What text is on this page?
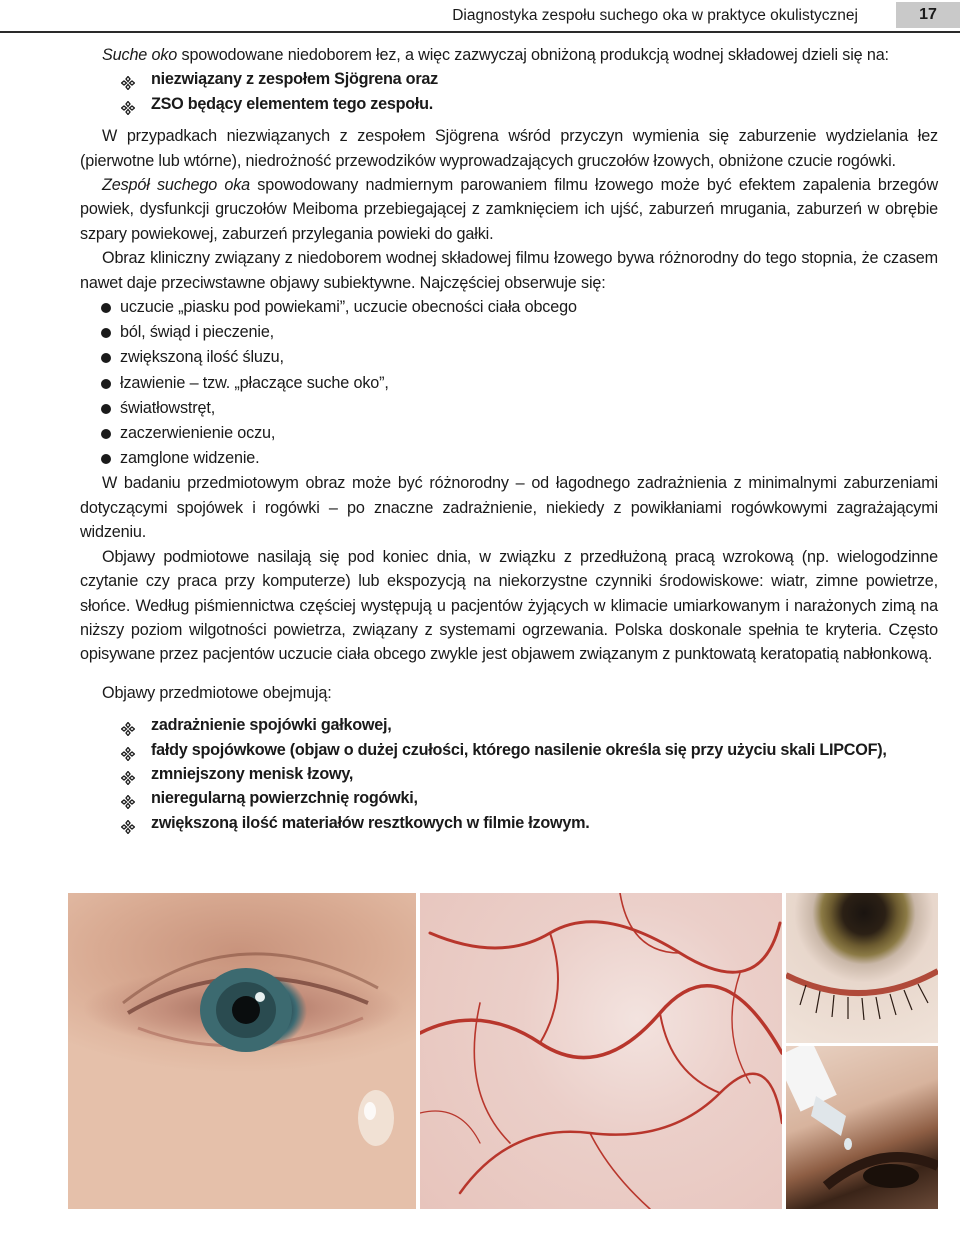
Diagnostyka zespołu suchego oka w praktyce okulistycznej	17

Suche oko spowodowane niedoborem łez, a więc zazwyczaj obniżoną produkcją wodnej składowej dzieli się na:

niezwiązany z zespołem Sjögrena oraz
ZSO będący elementem tego zespołu.

W przypadkach niezwiązanych z zespołem Sjögrena wśród przyczyn wymienia się zaburzenie wydzielania łez (pierwotne lub wtórne), niedrożność przewodzików wyprowadzających gruczołów łzowych, obniżone czucie rogówki.

Zespół suchego oka spowodowany nadmiernym parowaniem filmu łzowego może być efektem zapalenia brzegów powiek, dysfunkcji gruczołów Meiboma przebiegającej z zamknięciem ich ujść, zaburzeń mrugania, zaburzeń w obrębie szpary powiekowej, zaburzeń przylegania powieki do gałki.

Obraz kliniczny związany z niedoborem wodnej składowej filmu łzowego bywa różnorodny do tego stopnia, że czasem nawet daje przeciwstawne objawy subiektywne. Najczęściej obserwuje się:

uczucie „piasku pod powiekami”, uczucie obecności ciała obcego
ból, świąd i pieczenie,
zwiększoną ilość śluzu,
łzawienie – tzw. „płaczące suche oko”,
światłowstręt,
zaczerwienienie oczu,
zamglone widzenie.

W badaniu przedmiotowym obraz może być różnorodny – od łagodnego zadrażnienia z minimalnymi zaburzeniami dotyczącymi spojówek i rogówki – po znaczne zadrażnienie, niekiedy z powikłaniami rogówkowymi zagrażającymi widzeniu.

Objawy podmiotowe nasilają się pod koniec dnia, w związku z przedłużoną pracą wzrokową (np. wielogodzinne czytanie czy praca przy komputerze) lub ekspozycją na niekorzystne czynniki środowiskowe: wiatr, zimne powietrze, słońce. Według piśmiennictwa częściej występują u pacjentów żyjących w klimacie umiarkowanym i narażonych zimą na niższy poziom wilgotności powietrza, związany z systemami ogrzewania. Polska doskonale spełnia te kryteria. Często opisywane przez pacjentów uczucie ciała obcego zwykle jest objawem związanym z punktowatą keratopatią nabłonkową.

Objawy przedmiotowe obejmują:

zadrażnienie spojówki gałkowej,
fałdy spojówkowe (objaw o dużej czułości, którego nasilenie określa się przy użyciu skali LIPCOF),
zmniejszony menisk łzowy,
nieregularną powierzchnię rogówki,
zwiększoną ilość materiałów resztkowych w filmie łzowym.
